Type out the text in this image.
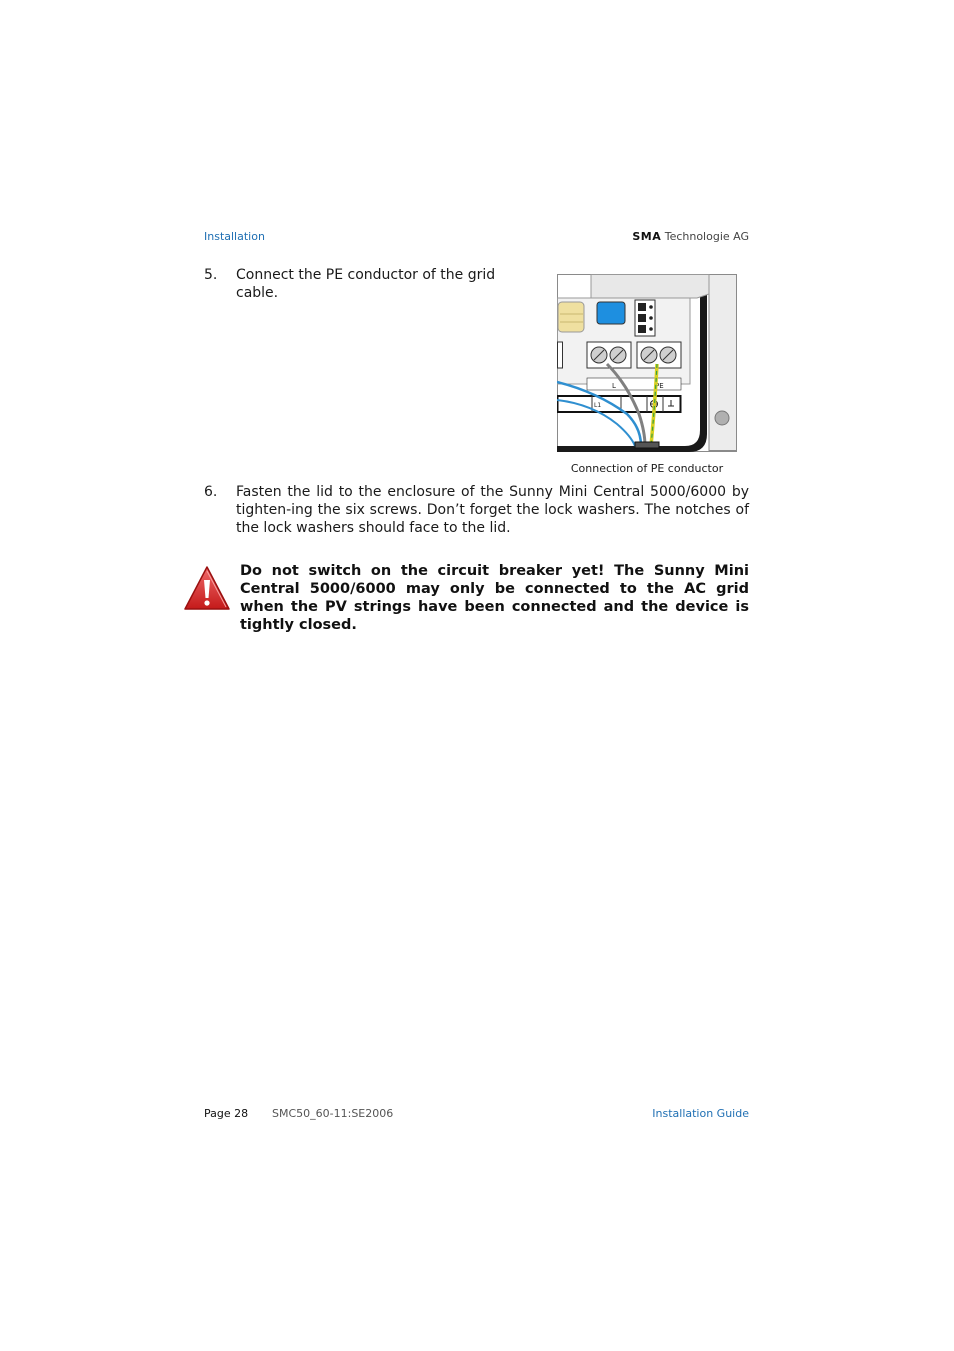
Installation	SMA Technologie AG
5.	Connect the PE conductor of the grid cable.
L	PE
L1
Connection of PE conductor
6.	Fasten the lid to the enclosure of the Sunny Mini Central 5000/6000 by tighten-ing the six screws. Don’t forget the lock washers. The notches of the lock washers should face to the lid.
Do not switch on the circuit breaker yet! The Sunny Mini Central 5000/6000 may only be connected to the AC grid when the PV strings have been connected and the device is tightly closed.
Page 28 SMC50_60-11:SE2006	Installation Guide
